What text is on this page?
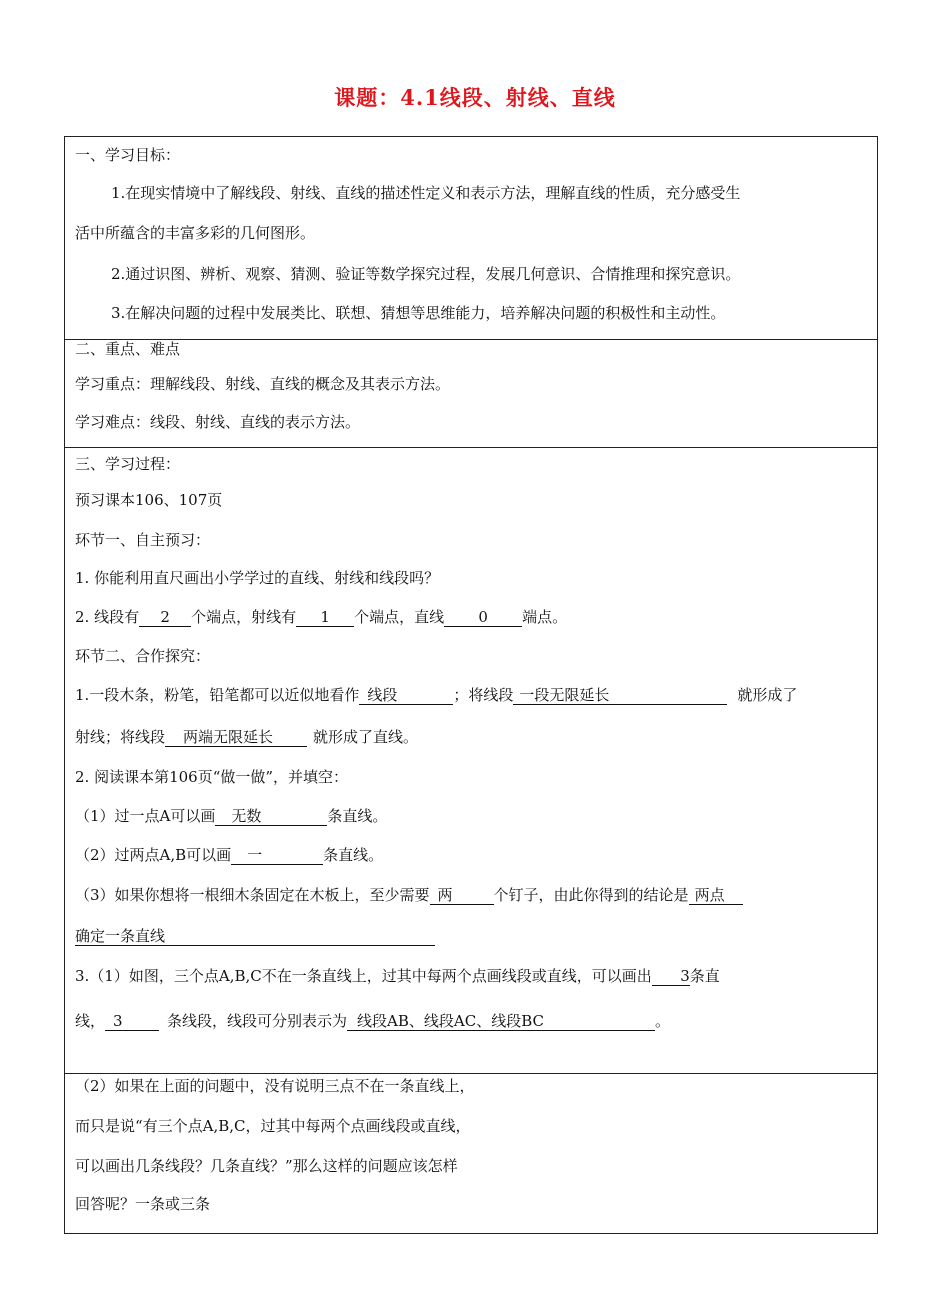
课题：4.1线段、射线、直线
一、学习目标：
1.在现实情境中了解线段、射线、直线的描述性定义和表示方法，理解直线的性质，充分感受生
活中所蕴含的丰富多彩的几何图形。
2.通过识图、辨析、观察、猜测、验证等数学探究过程，发展几何意识、合情推理和探究意识。
3.在解决问题的过程中发展类比、联想、猜想等思维能力，培养解决问题的积极性和主动性。
二、重点、难点
学习重点：理解线段、射线、直线的概念及其表示方法。
学习难点：线段、射线、直线的表示方法。
三、学习过程：
预习课本106、107页
环节一、自主预习：
1. 你能利用直尺画出小学学过的直线、射线和线段吗？
2. 线段有 2 个端点，射线有 1 个端点，直线 0 端点。
环节二、合作探究：
1.一段木条，粉笔，铅笔都可以近似地看作 线段	；将线段 一段无限延长	就形成了
射线；将线段 两端无限延长	就形成了直线。
2. 阅读课本第106页“做一做”，并填空：
（1）过一点A可以画 无数	条直线。
（2）过两点A,B可以画 一	条直线。
（3）如果你想将一根细木条固定在木板上，至少需要 两	个钉子，由此你得到的结论是 两点
确定一条直线
3.（1）如图，三个点A,B,C不在一条直线上，过其中每两个点画线段或直线，可以画出 3条直
线， 3	条线段，线段可分别表示为 线段AB、线段AC、线段BC	。
（2）如果在上面的问题中，没有说明三点不在一条直线上，
而只是说“有三个点A,B,C，过其中每两个点画线段或直线，
可以画出几条线段？几条直线？”那么这样的问题应该怎样
回答呢？一条或三条
